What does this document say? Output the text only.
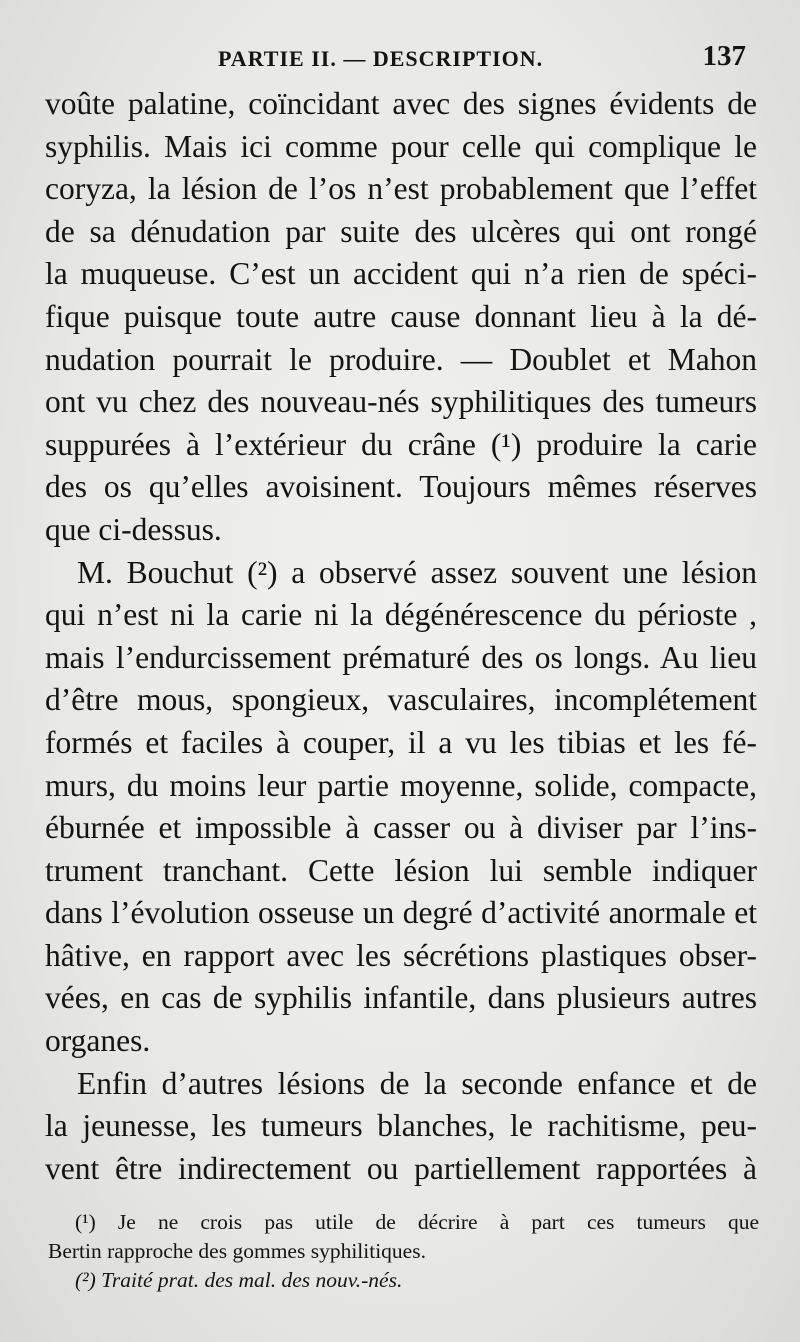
PARTIE II. — DESCRIPTION.	137
voûte palatine, coïncidant avec des signes évidents de
syphilis. Mais ici comme pour celle qui complique le
coryza, la lésion de l’os n’est probablement que l’effet
de sa dénudation par suite des ulcères qui ont rongé
la muqueuse. C’est un accident qui n’a rien de spéci-
fique puisque toute autre cause donnant lieu à la dé-
nudation pourrait le produire. — Doublet et Mahon
ont vu chez des nouveau-nés syphilitiques des tumeurs
suppurées à l’extérieur du crâne (¹) produire la carie
des os qu’elles avoisinent. Toujours mêmes réserves
que ci-dessus.
M. Bouchut (²) a observé assez souvent une lésion
qui n’est ni la carie ni la dégénérescence du périoste ,
mais l’endurcissement prématuré des os longs. Au lieu
d’être mous, spongieux, vasculaires, incomplétement
formés et faciles à couper, il a vu les tibias et les fé-
murs, du moins leur partie moyenne, solide, compacte,
éburnée et impossible à casser ou à diviser par l’ins-
trument tranchant. Cette lésion lui semble indiquer
dans l’évolution osseuse un degré d’activité anormale et
hâtive, en rapport avec les sécrétions plastiques obser-
vées, en cas de syphilis infantile, dans plusieurs autres
organes.
Enfin d’autres lésions de la seconde enfance et de
la jeunesse, les tumeurs blanches, le rachitisme, peu-
vent être indirectement ou partiellement rapportées à
(¹) Je ne crois pas utile de décrire à part ces tumeurs que
Bertin rapproche des gommes syphilitiques.
(²) Traité prat. des mal. des nouv.-nés.
